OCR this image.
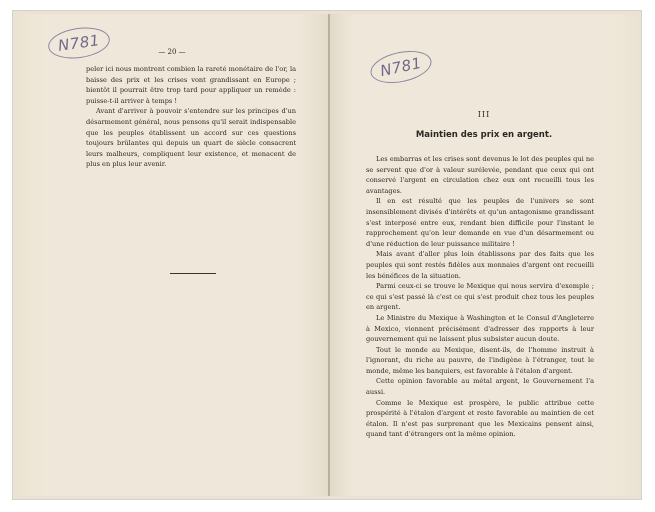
N781	— 20 —

peler ici nous montrent combien la rareté monétaire de l'or, la baisse des prix et les crises vont grandissant en Europe ; bientôt il pourrait être trop tard pour appliquer un remède : puisse-t-il arriver à temps !

Avant d'arriver à pouvoir s'entendre sur les principes d'un désarmement général, nous pensons qu'il serait indispensable que les peuples établissent un accord sur ces questions toujours brûlantes qui depuis un quart de siècle consacrent leurs malheurs, compliquent leur existence, et menacent de plus en plus leur avenir.

N781
III
Maintien des prix en argent.

Les embarras et les crises sont devenus le lot des peuples qui ne se servent que d'or à valeur surélevée, pendant que ceux qui ont conservé l'argent en circulation chez eux ont recueilli tous les avantages.

Il en est résulté que les peuples de l'univers se sont insensiblement divisés d'intérêts et qu'un antagonisme grandissant s'est interposé entre eux, rendant bien difficile pour l'instant le rapprochement qu'on leur demande en vue d'un désarmement ou d'une réduction de leur puissance militaire !

Mais avant d'aller plus loin établissons par des faits que les peuples qui sont restés fidèles aux monnaies d'argent ont recueilli les bénéfices de la situation.

Parmi ceux-ci se trouve le Mexique qui nous servira d'exemple ; ce qui s'est passé là c'est ce qui s'est produit chez tous les peuples en argent.

Le Ministre du Mexique à Washington et le Consul d'Angleterre à Mexico, viennent précisément d'adresser des rapports à leur gouvernement qui ne laissent plus subsister aucun doute.

Tout le monde au Mexique, disent-ils, de l'homme instruit à l'ignorant, du riche au pauvre, de l'indigène à l'étranger, tout le monde, même les banquiers, est favorable à l'étalon d'argent.

Cette opinion favorable au métal argent, le Gouvernement l'a aussi.

Comme le Mexique est prospère, le public attribue cette prospérité à l'étalon d'argent et reste favorable au maintien de cet étalon. Il n'est pas surprenant que les Mexicains pensent ainsi, quand tant d'étrangers ont la même opinion.
